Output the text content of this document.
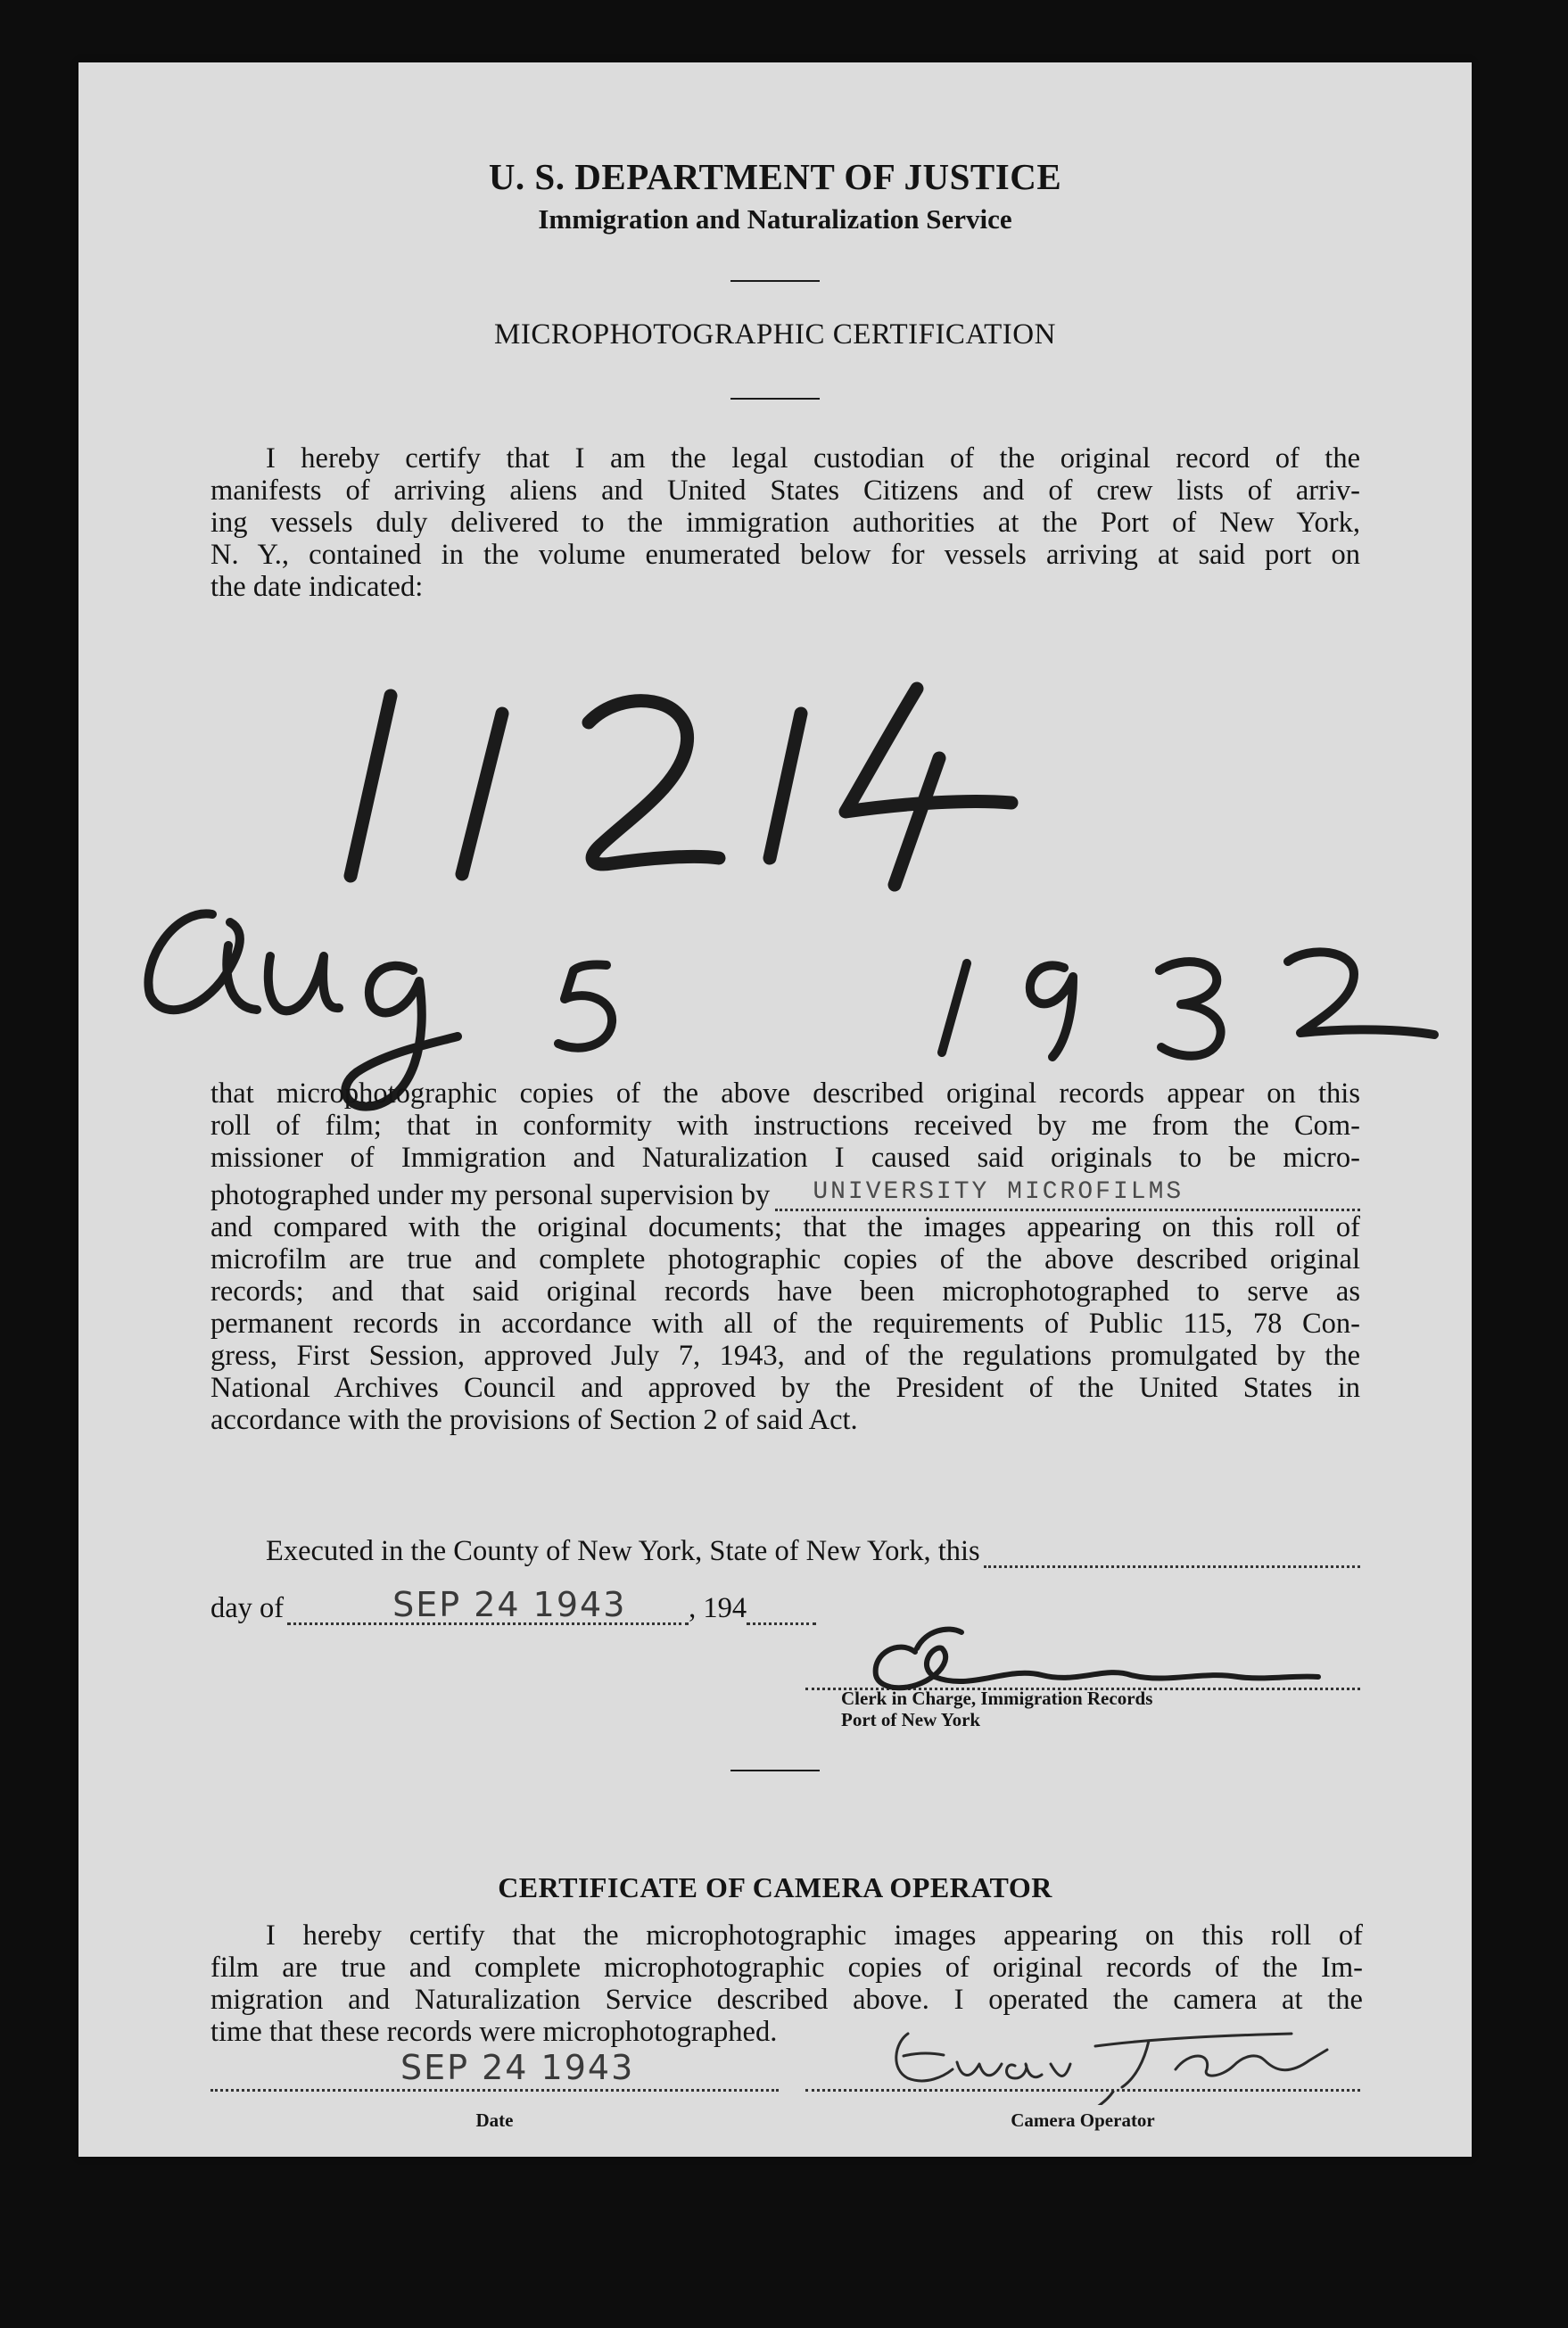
U. S. DEPARTMENT OF JUSTICE
Immigration and Naturalization Service
MICROPHOTOGRAPHIC CERTIFICATION
I hereby certify that I am the legal custodian of the original record of the
manifests of arriving aliens and United States Citizens and of crew lists of arriv-
ing vessels duly delivered to the immigration authorities at the Port of New York,
N. Y., contained in the volume enumerated below for vessels arriving at said port on
the date indicated:
that microphotographic copies of the above described original records appear on this
roll of film; that in conformity with instructions received by me from the Com-
missioner of Immigration and Naturalization I caused said originals to be micro-
photographed under my personal supervision by UNIVERSITY MICROFILMS
and compared with the original documents; that the images appearing on this roll of
microfilm are true and complete photographic copies of the above described original
records; and that said original records have been microphotographed to serve as
permanent records in accordance with all of the requirements of Public 115, 78 Con-
gress, First Session, approved July 7, 1943, and of the regulations promulgated by the
National Archives Council and approved by the President of the United States in
accordance with the provisions of Section 2 of said Act.
Executed in the County of New York, State of New York, this
day of	SEP 24 1943 , 194
Clerk in Charge, Immigration Records
Port of New York
CERTIFICATE OF CAMERA OPERATOR
I hereby certify that the microphotographic images appearing on this roll of
film are true and complete microphotographic copies of original records of the Im-
migration and Naturalization Service described above. I operated the camera at the
time that these records were microphotographed.
SEP 24 1943
Date	Camera Operator
